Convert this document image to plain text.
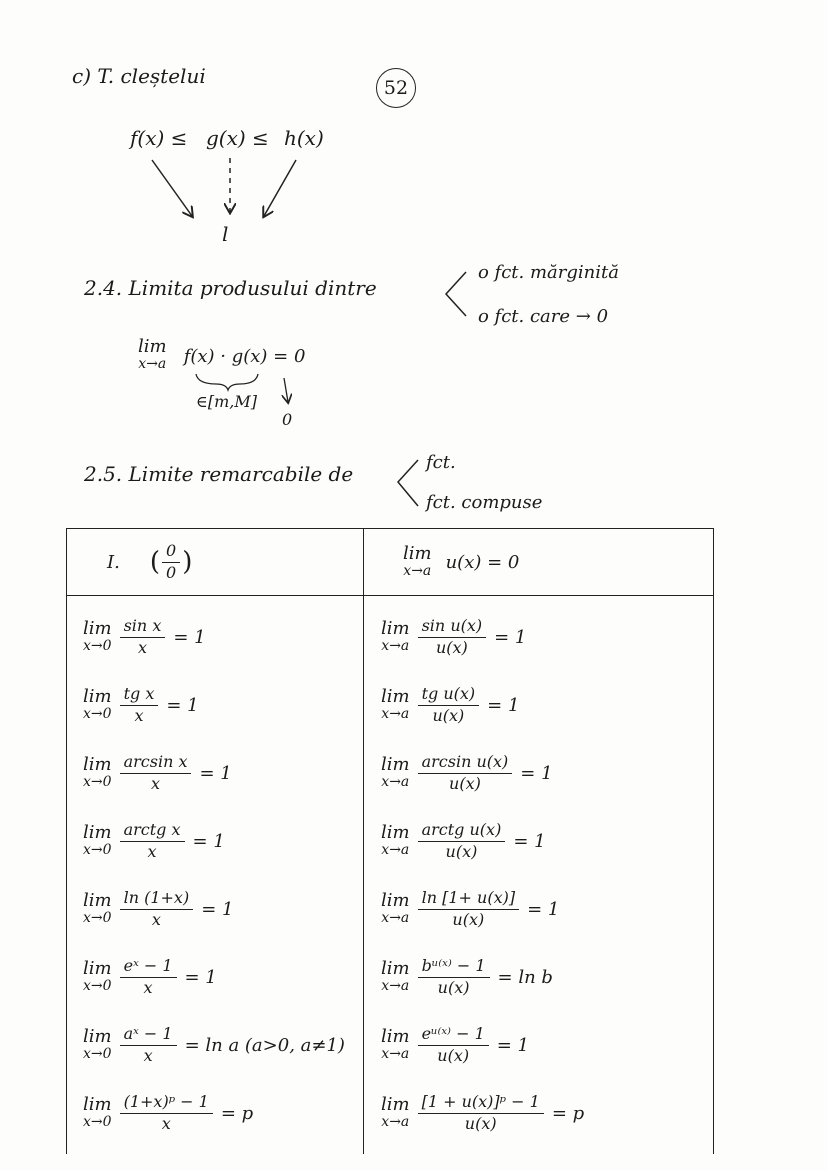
52
c) T. cleștelui
f(x) ≤ g(x) ≤ h(x)
l
2.4. Limita produsului dintre
o fct. mărginită
o fct. care → 0
lim
x→a f(x) · g(x) = 0
∈[m,M]
0
2.5. Limite remarcabile de	fct.
fct. compuse
I. ( $\frac{0}{0}$ )	lim
x→a u(x) = 0
lim
$x\to 0 \frac{\text{sin x}}{x} = 1$
lim
$x\to 0 \frac{\text{tg x}}{x} = 1$
lim
$x\to 0 \frac{\text{arcsin x}}{x} = 1$
lim
$x\to 0 \frac{\text{arctg x}}{x} = 1$
lim
$x\to 0 \frac{\ln (1+x)}{x} = 1$
lim
$x\to 0 \frac{\text{eˣ − 1}}{x} = 1$
lim
$x\to 0 \frac{\text{aˣ − 1}}{x} = \ln a$ (a>0, a≠1)
lim
$x\to 0 \frac{\text{(1+x)ᵖ − 1}}{x} = p$
lim
$x\to a \frac{\text{sin u(x)}}{u(x)} = 1$
lim
$x\to a \frac{\text{tg u(x)}}{u(x)} = 1$
lim
$x\to a \frac{\text{arcsin u(x)}}{u(x)} = 1$
lim
$x\to a \frac{\text{arctg u(x)}}{u(x)} = 1$
lim
$x\to a \frac{\ln [1+ u(x)]}{u(x)} = 1$
lim
$x\to a \frac{\text{bᵘ⁽ˣ⁾ − 1}}{u(x)} = \ln b$
lim
$x\to a \frac{\text{eᵘ⁽ˣ⁾ − 1}}{u(x)} = 1$
lim
$x\to a \frac{\text{[1 + u(x)]ᵖ − 1}}{u(x)} = p$
